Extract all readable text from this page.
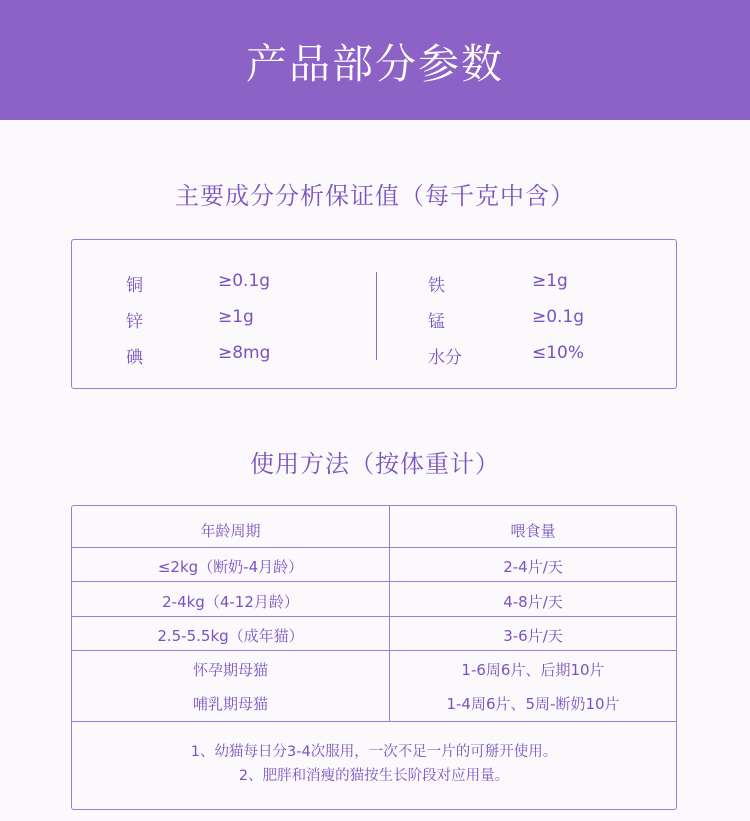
产品部分参数
主要成分分析保证值（每千克中含）
铜	≥0.1g
锌	≥1g
碘	≥8mg
铁	≥1g
锰	≥0.1g
水分	≤10%
使用方法（按体重计）
年龄周期	喂食量
≤2kg（断奶-4月龄）	2-4片/天
2-4kg（4-12月龄）	4-8片/天
2.5-5.5kg（成年猫）	3-6片/天
怀孕期母猫	1-6周6片、后期10片
哺乳期母猫	1-4周6片、5周-断奶10片
1、幼猫每日分3-4次服用，一次不足一片的可掰开使用。
2、肥胖和消瘦的猫按生长阶段对应用量。
